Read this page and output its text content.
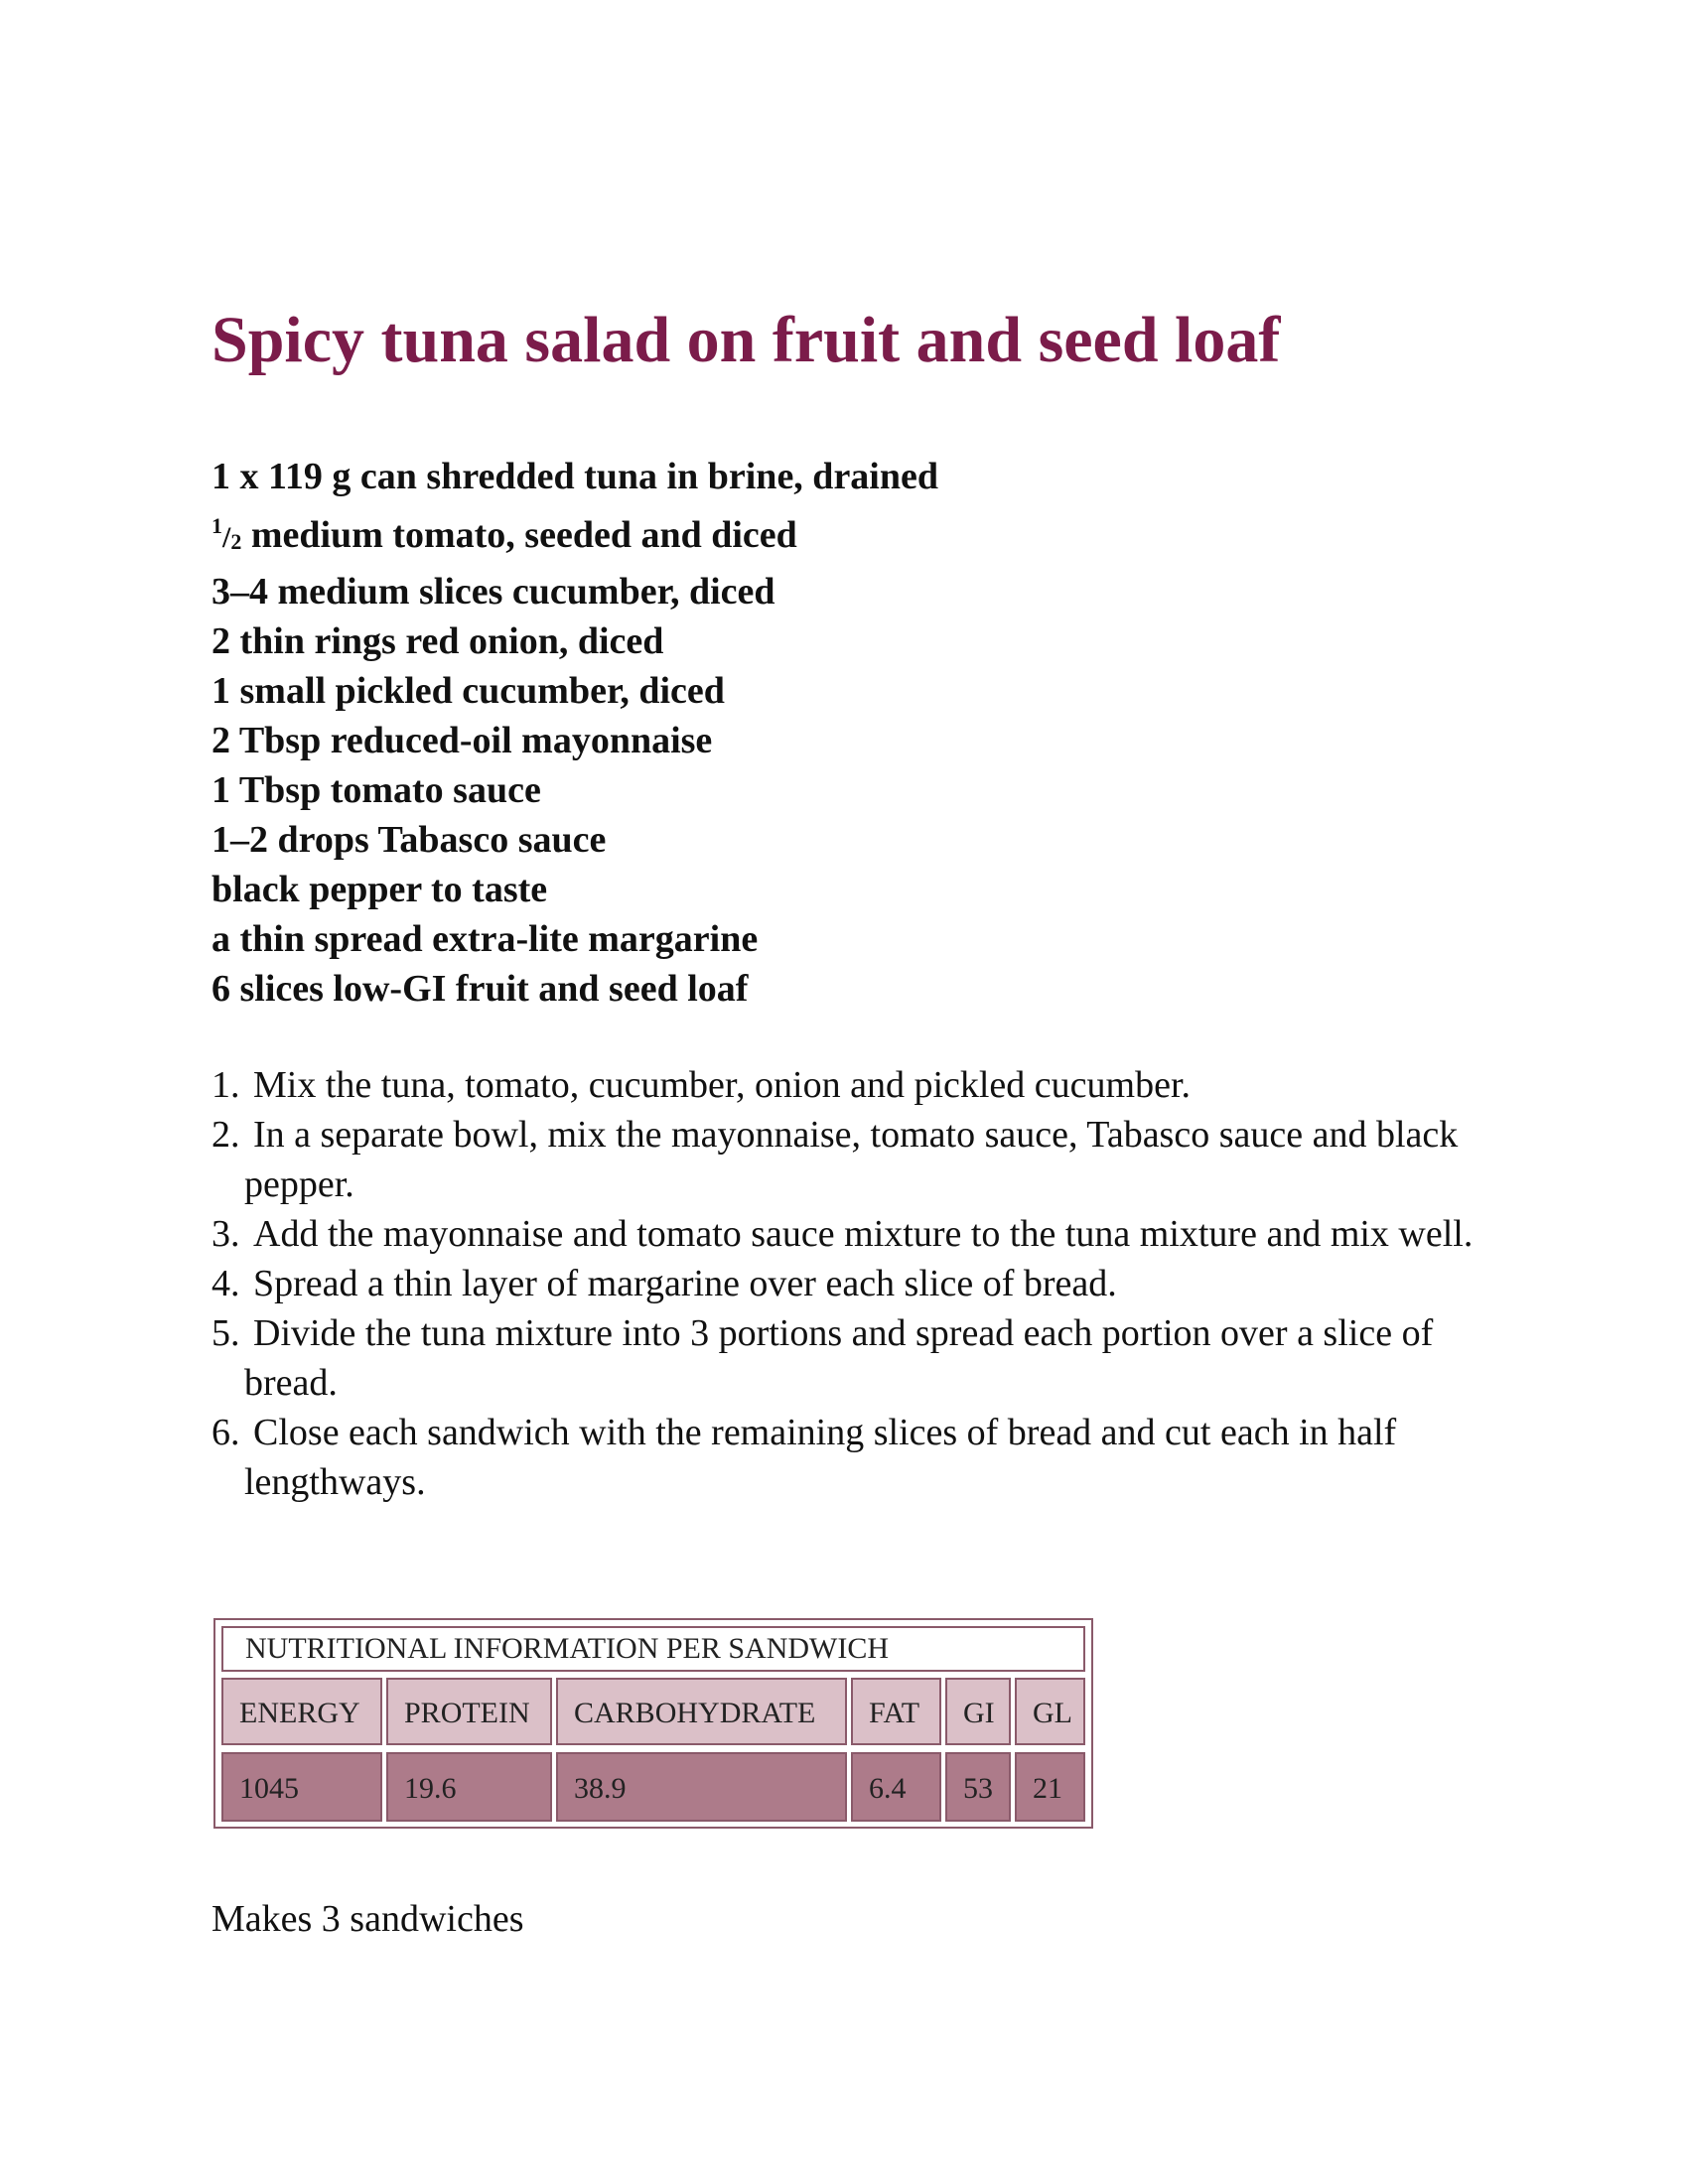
Spicy tuna salad on fruit and seed loaf
1 x 119 g can shredded tuna in brine, drained
$^1$/2 medium tomato, seeded and diced
3–4 medium slices cucumber, diced
2 thin rings red onion, diced
1 small pickled cucumber, diced
2 Tbsp reduced-oil mayonnaise
1 Tbsp tomato sauce
1–2 drops Tabasco sauce
black pepper to taste
a thin spread extra-lite margarine
6 slices low-GI fruit and seed loaf
1. Mix the tuna, tomato, cucumber, onion and pickled cucumber.
2. In a separate bowl, mix the mayonnaise, tomato sauce, Tabasco sauce and black pepper.
3. Add the mayonnaise and tomato sauce mixture to the tuna mixture and mix well.
4. Spread a thin layer of margarine over each slice of bread.
5. Divide the tuna mixture into 3 portions and spread each portion over a slice of bread.
6. Close each sandwich with the remaining slices of bread and cut each in half lengthways.
NUTRITIONAL INFORMATION PER SANDWICH
ENERGY	PROTEIN	CARBOHYDRATE	FAT	GI	GL
1045	19.6	38.9	6.4	53	21

Makes 3 sandwiches
